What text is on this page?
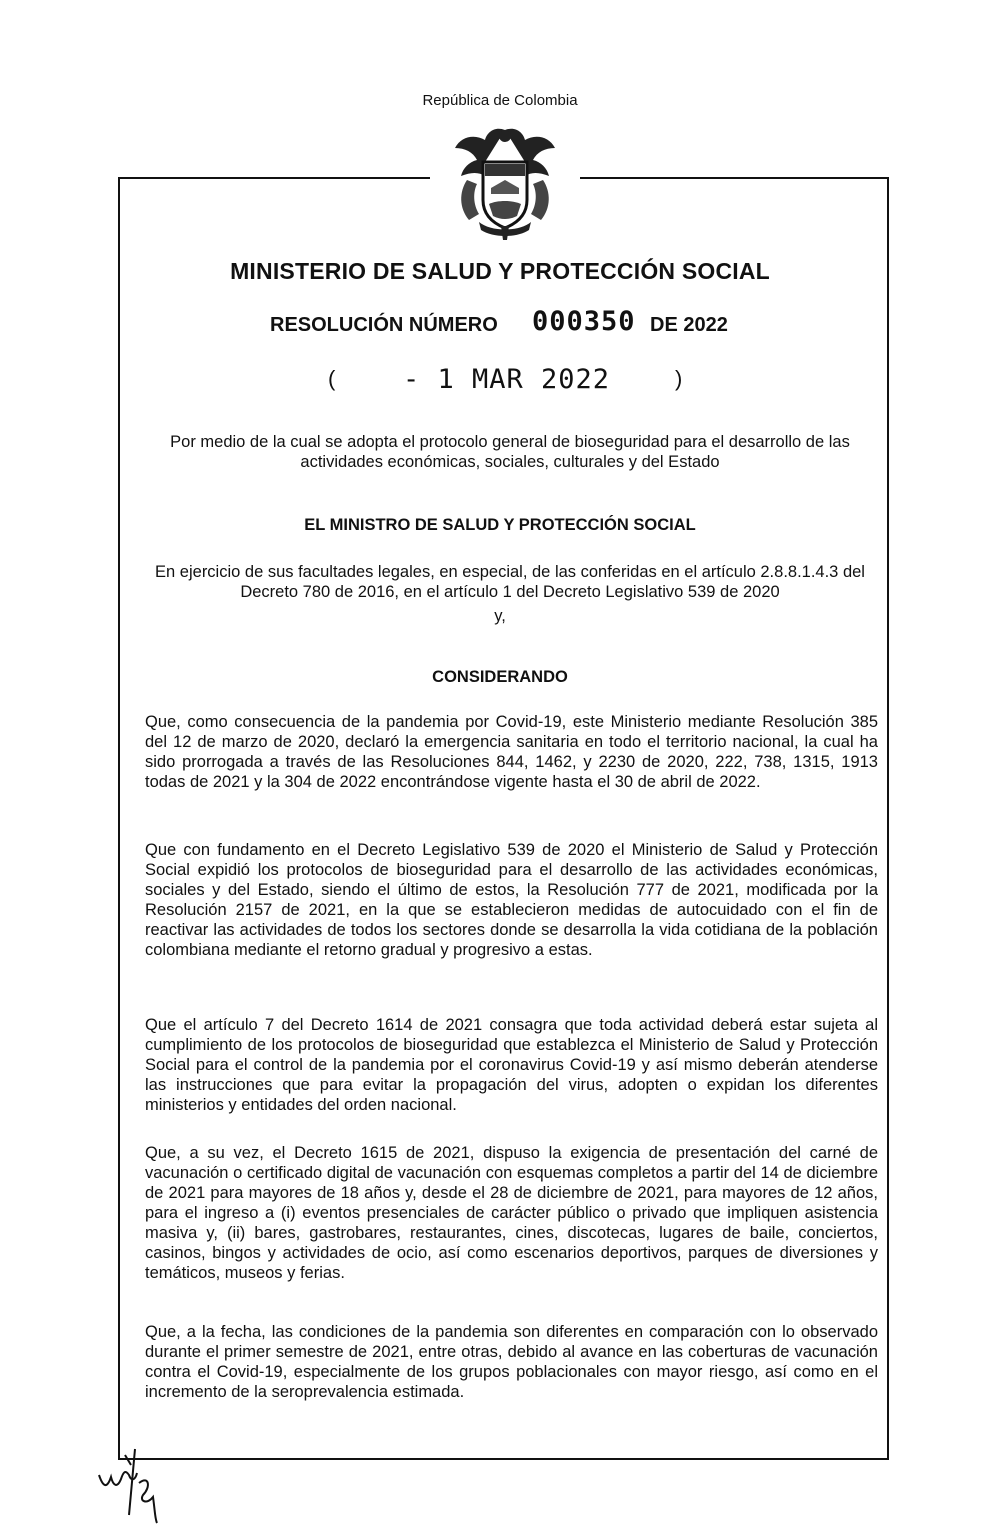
República de Colombia
MINISTERIO DE SALUD Y PROTECCIÓN SOCIAL
RESOLUCIÓN NÚMERO 000350 DE 2022
(	- 1 MAR 2022	)
Por medio de la cual se adopta el protocolo general de bioseguridad para el desarrollo de las actividades económicas, sociales, culturales y del Estado
EL MINISTRO DE SALUD Y PROTECCIÓN SOCIAL
En ejercicio de sus facultades legales, en especial, de las conferidas en el artículo 2.8.8.1.4.3 del Decreto 780 de 2016, en el artículo 1 del Decreto Legislativo 539 de 2020
y,
CONSIDERANDO
Que, como consecuencia de la pandemia por Covid-19, este Ministerio mediante Resolución 385 del 12 de marzo de 2020, declaró la emergencia sanitaria en todo el territorio nacional, la cual ha sido prorrogada a través de las Resoluciones 844, 1462, y 2230 de 2020, 222, 738, 1315, 1913 todas de 2021 y la 304 de 2022 encontrándose vigente hasta el 30 de abril de 2022.
Que con fundamento en el Decreto Legislativo 539 de 2020 el Ministerio de Salud y Protección Social expidió los protocolos de bioseguridad para el desarrollo de las actividades económicas, sociales y del Estado, siendo el último de estos, la Resolución 777 de 2021, modificada por la Resolución 2157 de 2021, en la que se establecieron medidas de autocuidado con el fin de reactivar las actividades de todos los sectores donde se desarrolla la vida cotidiana de la población colombiana mediante el retorno gradual y progresivo a estas.
Que el artículo 7 del Decreto 1614 de 2021 consagra que toda actividad deberá estar sujeta al cumplimiento de los protocolos de bioseguridad que establezca el Ministerio de Salud y Protección Social para el control de la pandemia por el coronavirus Covid-19 y así mismo deberán atenderse las instrucciones que para evitar la propagación del virus, adopten o expidan los diferentes ministerios y entidades del orden nacional.
Que, a su vez, el Decreto 1615 de 2021, dispuso la exigencia de presentación del carné de vacunación o certificado digital de vacunación con esquemas completos a partir del 14 de diciembre de 2021 para mayores de 18 años y, desde el 28 de diciembre de 2021, para mayores de 12 años, para el ingreso a (i) eventos presenciales de carácter público o privado que impliquen asistencia masiva y, (ii) bares, gastrobares, restaurantes, cines, discotecas, lugares de baile, conciertos, casinos, bingos y actividades de ocio, así como escenarios deportivos, parques de diversiones y temáticos, museos y ferias.
Que, a la fecha, las condiciones de la pandemia son diferentes en comparación con lo observado durante el primer semestre de 2021, entre otras, debido al avance en las coberturas de vacunación contra el Covid-19, especialmente de los grupos poblacionales con mayor riesgo, así como en el incremento de la seroprevalencia estimada.
